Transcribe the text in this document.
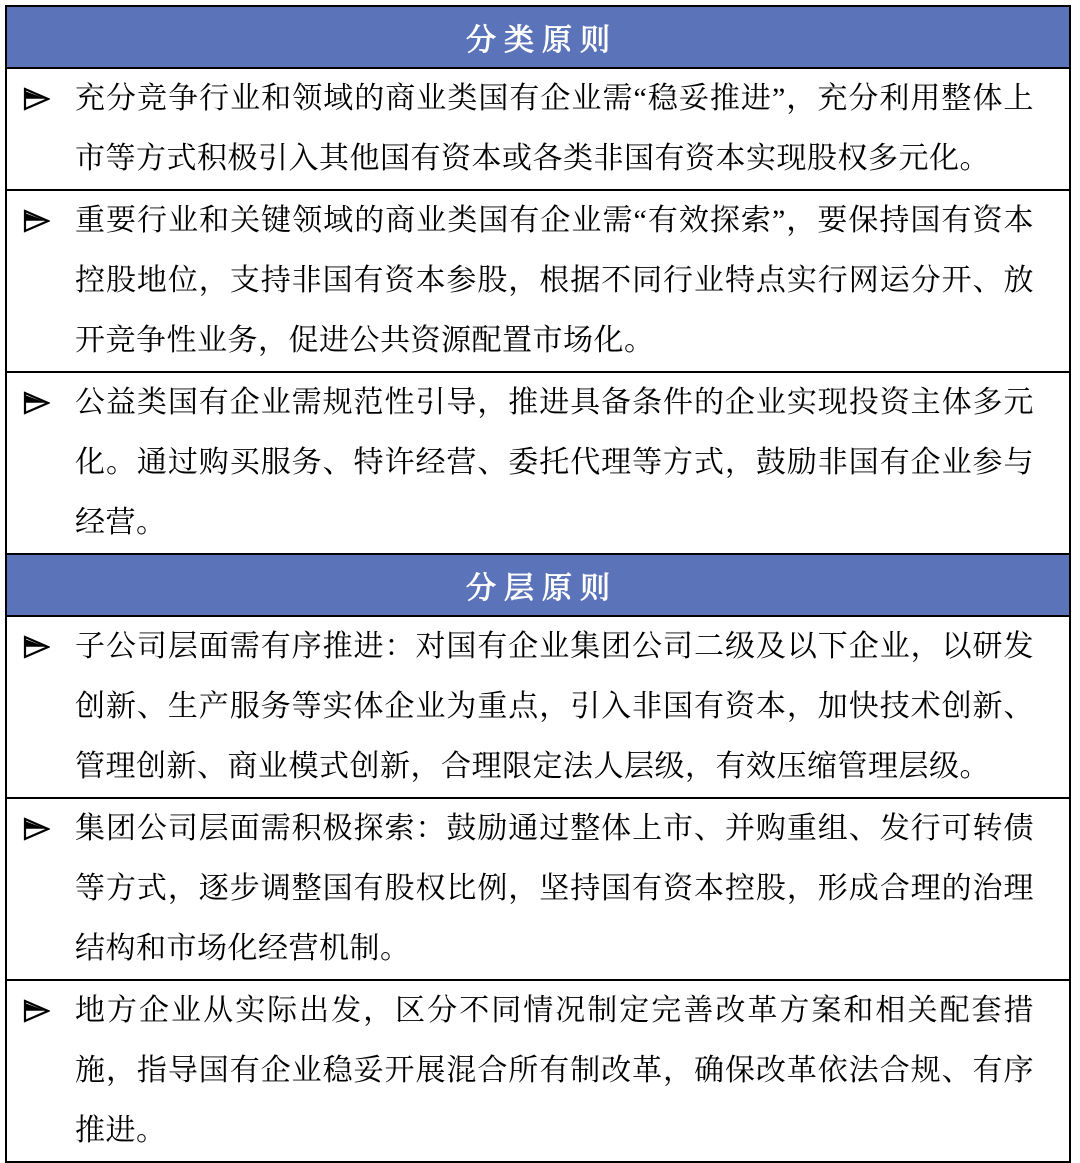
分类原则
充分竞争行业和领域的商业类国有企业需“稳妥推进”，充分利用整体上市等方式积极引入其他国有资本或各类非国有资本实现股权多元化。
重要行业和关键领域的商业类国有企业需“有效探索”，要保持国有资本控股地位，支持非国有资本参股，根据不同行业特点实行网运分开、放开竞争性业务，促进公共资源配置市场化。
公益类国有企业需规范性引导，推进具备条件的企业实现投资主体多元化。通过购买服务、特许经营、委托代理等方式，鼓励非国有企业参与经营。
分层原则
子公司层面需有序推进：对国有企业集团公司二级及以下企业，以研发创新、生产服务等实体企业为重点，引入非国有资本，加快技术创新、管理创新、商业模式创新，合理限定法人层级，有效压缩管理层级。
集团公司层面需积极探索：鼓励通过整体上市、并购重组、发行可转债等方式，逐步调整国有股权比例，坚持国有资本控股，形成合理的治理结构和市场化经营机制。
地方企业从实际出发，区分不同情况制定完善改革方案和相关配套措施，指导国有企业稳妥开展混合所有制改革，确保改革依法合规、有序推进。
